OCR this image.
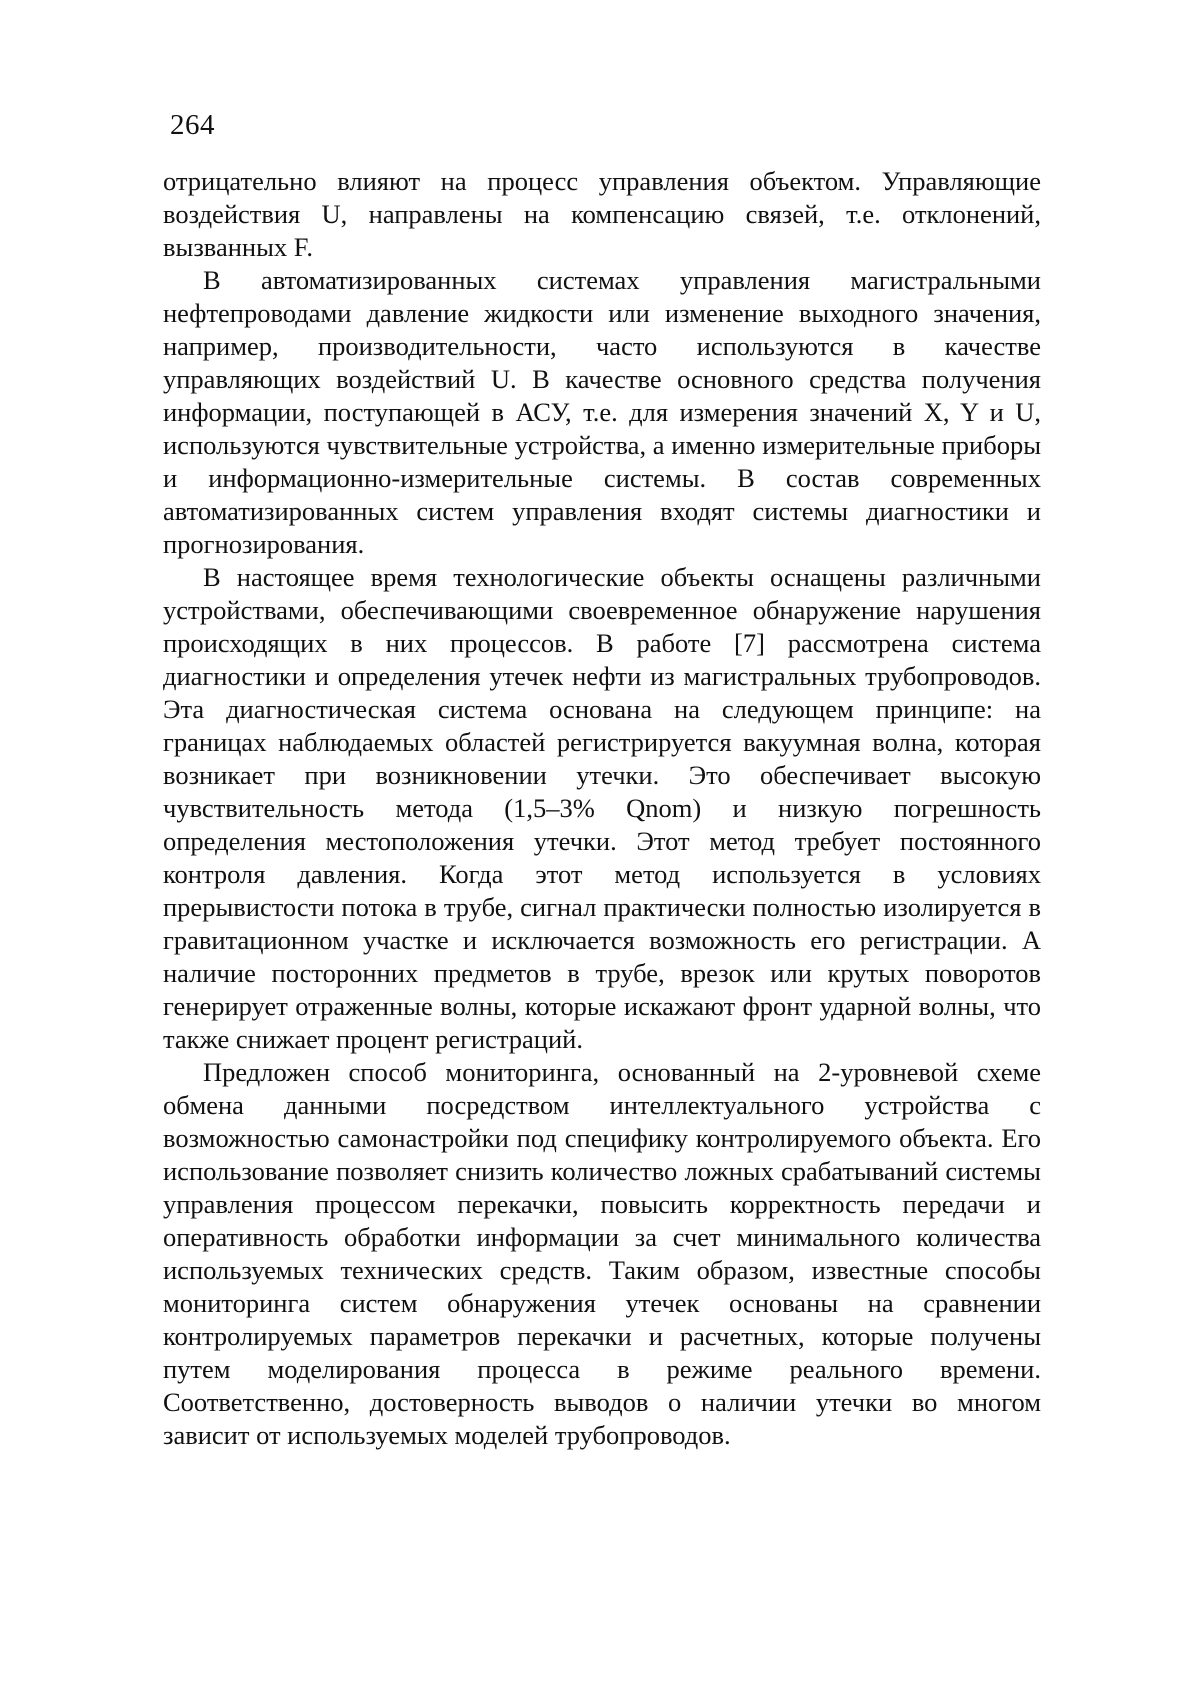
264

отрицательно влияют на процесс управления объектом. Управляющие воздействия U, направлены на компенсацию связей, т.е. отклонений, вызванных F.

В автоматизированных системах управления магистральными нефтепроводами давление жидкости или изменение выходного значения, например, производительности, часто используются в качестве управляющих воздействий U. В качестве основного средства получения информации, поступающей в АСУ, т.е. для измерения значений X, Y и U, используются чувствительные устройства, а именно измерительные приборы и информационно-измерительные системы. В состав современных автоматизированных систем управления входят системы диагностики и прогнозирования.

В настоящее время технологические объекты оснащены различными устройствами, обеспечивающими своевременное обнаружение нарушения происходящих в них процессов. В работе [7] рассмотрена система диагностики и определения утечек нефти из магистральных трубопроводов. Эта диагностическая система основана на следующем принципе: на границах наблюдаемых областей регистрируется вакуумная волна, которая возникает при возникновении утечки. Это обеспечивает высокую чувствительность метода (1,5–3% Qnom) и низкую погрешность определения местоположения утечки. Этот метод требует постоянного контроля давления. Когда этот метод используется в условиях прерывистости потока в трубе, сигнал практически полностью изолируется в гравитационном участке и исключается возможность его регистрации. А наличие посторонних предметов в трубе, врезок или крутых поворотов генерирует отраженные волны, которые искажают фронт ударной волны, что также снижает процент регистраций.

Предложен способ мониторинга, основанный на 2-уровневой схеме обмена данными посредством интеллектуального устройства с возможностью самонастройки под специфику контролируемого объекта. Его использование позволяет снизить количество ложных срабатываний системы управления процессом перекачки, повысить корректность передачи и оперативность обработки информации за счет минимального количества используемых технических средств. Таким образом, известные способы мониторинга систем обнаружения утечек основаны на сравнении контролируемых параметров перекачки и расчетных, которые получены путем моделирования процесса в режиме реального времени. Соответственно, достоверность выводов о наличии утечки во многом зависит от используемых моделей трубопроводов.
